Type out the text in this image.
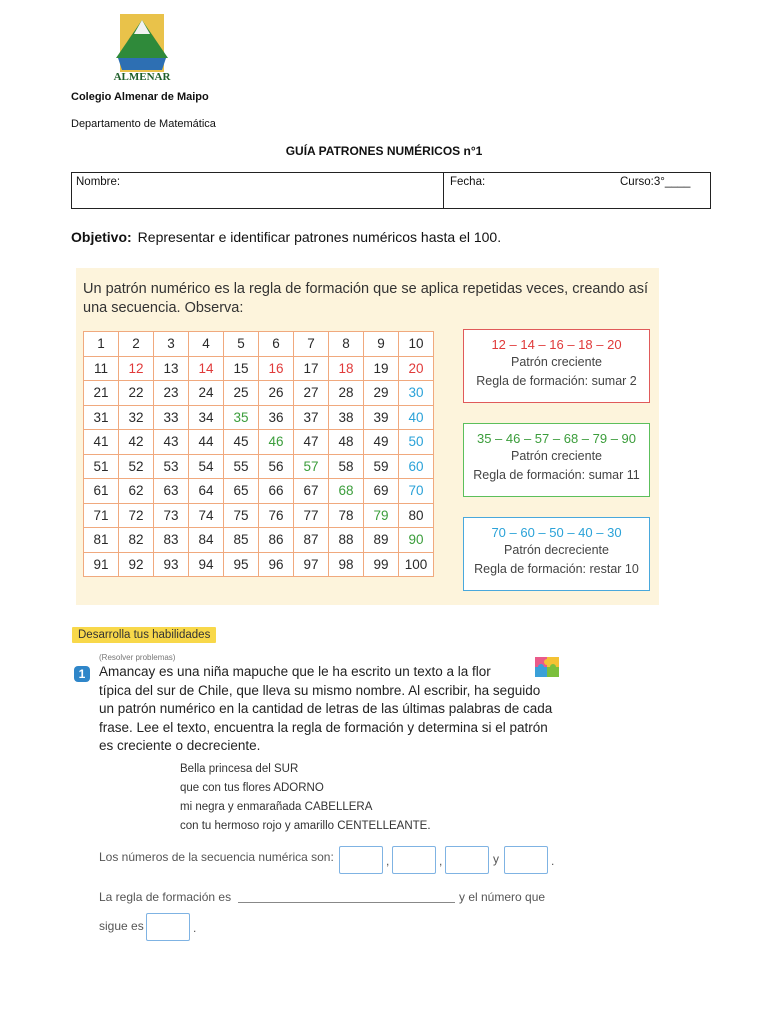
ALMENAR
Colegio Almenar de Maipo
Departamento de Matemática
GUÍA PATRONES NUMÉRICOS n°1
Nombre:	Fecha:	Curso:3°____
Objetivo: Representar e identificar patrones numéricos hasta el 100.
Un patrón numérico es la regla de formación que se aplica repetidas veces, creando así una secuencia. Observa:
1	2	3	4	5	6	7	8	9	10
11	12	13	14	15	16	17	18	19	20
21	22	23	24	25	26	27	28	29	30
31	32	33	34	35	36	37	38	39	40
41	42	43	44	45	46	47	48	49	50
51	52	53	54	55	56	57	58	59	60
61	62	63	64	65	66	67	68	69	70
71	72	73	74	75	76	77	78	79	80
81	82	83	84	85	86	87	88	89	90
91	92	93	94	95	96	97	98	99	100
12 – 14 – 16 – 18 – 20
Patrón creciente
Regla de formación: sumar 2
35 – 46 – 57 – 68 – 79 – 90
Patrón creciente
Regla de formación: sumar 11
70 – 60 – 50 – 40 – 30
Patrón decreciente
Regla de formación: restar 10
Desarrolla tus habilidades
(Resolver problemas)
1	Amancay es una niña mapuche que le ha escrito un texto a la flor
típica del sur de Chile, que lleva su mismo nombre. Al escribir, ha seguido
un patrón numérico en la cantidad de letras de las últimas palabras de cada
frase. Lee el texto, encuentra la regla de formación y determina si el patrón
es creciente o decreciente.
Bella princesa del SUR
que con tus flores ADORNO
mi negra y enmarañada CABELLERA
con tu hermoso rojo y amarillo CENTELLEANTE.
Los números de la secuencia numérica son:	,	,	y	.
La regla de formación es	y el número que
sigue es	.
